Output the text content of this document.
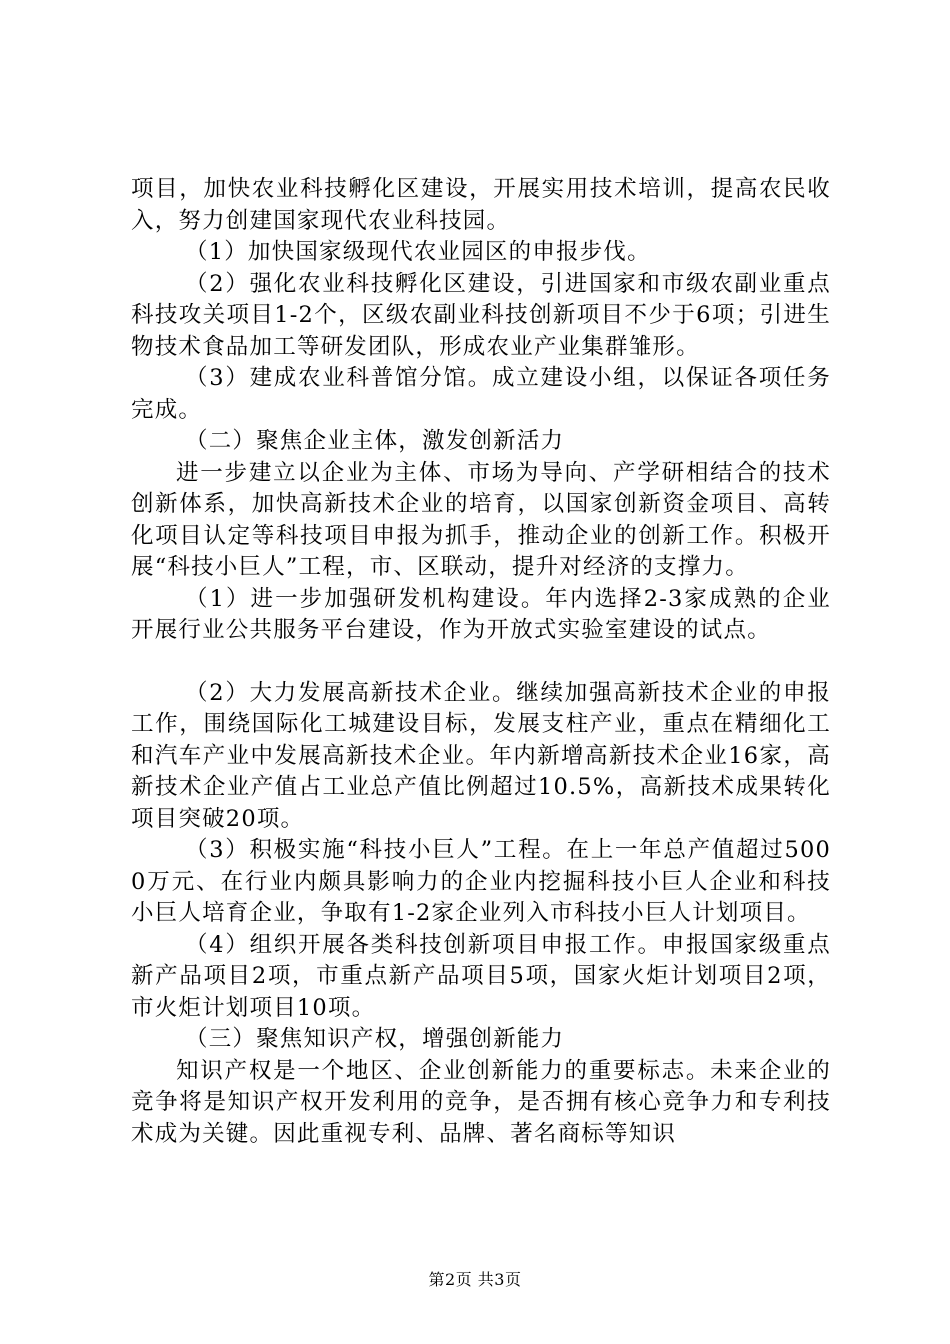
项目，加快农业科技孵化区建设，开展实用技术培训，提高农民收入，努力创建国家现代农业科技园。

（1）加快国家级现代农业园区的申报步伐。

（2）强化农业科技孵化区建设，引进国家和市级农副业重点科技攻关项目1-2个，区级农副业科技创新项目不少于6项；引进生物技术食品加工等研发团队，形成农业产业集群雏形。

（3）建成农业科普馆分馆。成立建设小组，以保证各项任务完成。

（二）聚焦企业主体，激发创新活力

进一步建立以企业为主体、市场为导向、产学研相结合的技术创新体系，加快高新技术企业的培育，以国家创新资金项目、高转化项目认定等科技项目申报为抓手，推动企业的创新工作。积极开展“科技小巨人”工程，市、区联动，提升对经济的支撑力。

（1）进一步加强研发机构建设。年内选择2-3家成熟的企业开展行业公共服务平台建设，作为开放式实验室建设的试点。

（2）大力发展高新技术企业。继续加强高新技术企业的申报工作，围绕国际化工城建设目标，发展支柱产业，重点在精细化工和汽车产业中发展高新技术企业。年内新增高新技术企业16家，高新技术企业产值占工业总产值比例超过10.5%，高新技术成果转化项目突破20项。

（3）积极实施“科技小巨人”工程。在上一年总产值超过5000万元、在行业内颇具影响力的企业内挖掘科技小巨人企业和科技小巨人培育企业，争取有1-2家企业列入市科技小巨人计划项目。

（4）组织开展各类科技创新项目申报工作。申报国家级重点新产品项目2项，市重点新产品项目5项，国家火炬计划项目2项，市火炬计划项目10项。

（三）聚焦知识产权，增强创新能力

知识产权是一个地区、企业创新能力的重要标志。未来企业的竞争将是知识产权开发利用的竞争，是否拥有核心竞争力和专利技术成为关键。因此重视专利、品牌、著名商标等知识

第2页 共3页
